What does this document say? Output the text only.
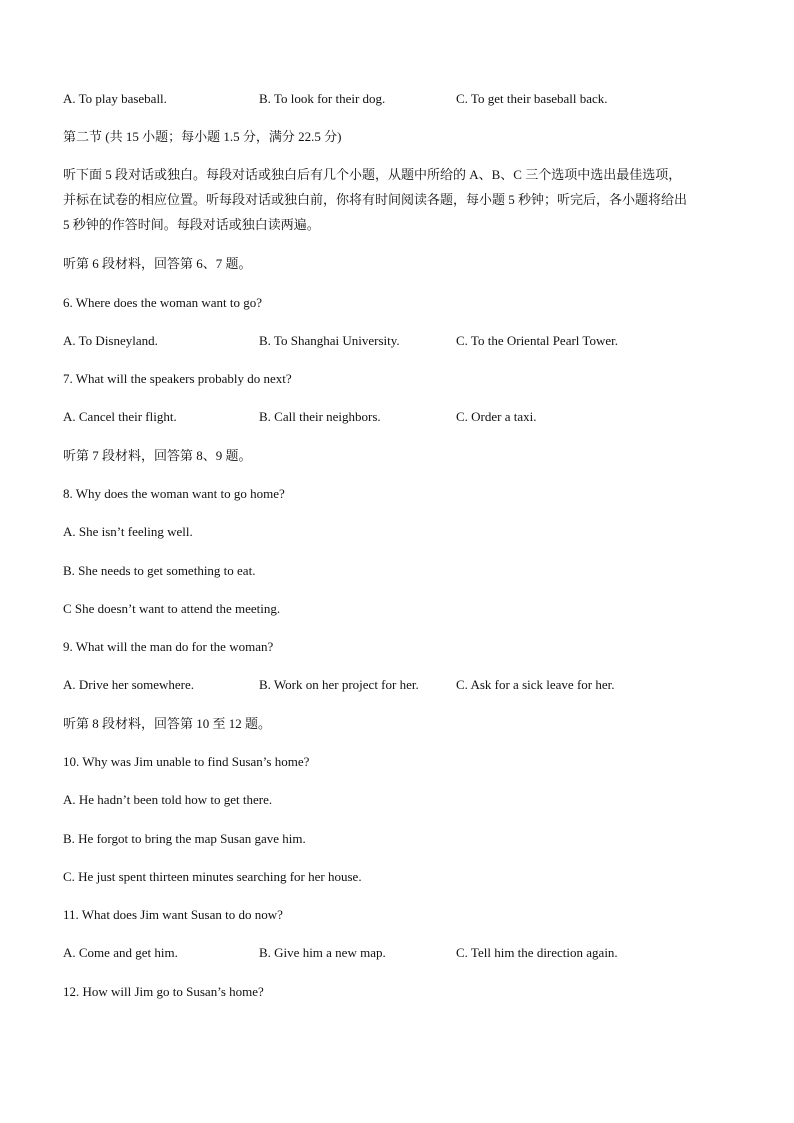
A. To play baseball.	B. To look for their dog.	C. To get their baseball back.
第二节 (共 15 小题；每小题 1.5 分，满分 22.5 分)
听下面 5 段对话或独白。每段对话或独白后有几个小题，从题中所给的 A、B、C 三个选项中选出最佳选项，
并标在试卷的相应位置。听每段对话或独白前，你将有时间阅读各题，每小题 5 秒钟；听完后，各小题将给出
5 秒钟的作答时间。每段对话或独白读两遍。
听第 6 段材料，回答第 6、7 题。
6. Where does the woman want to go?
A. To Disneyland.	B. To Shanghai University.	C. To the Oriental Pearl Tower.
7. What will the speakers probably do next?
A. Cancel their flight.	B. Call their neighbors.	C. Order a taxi.
听第 7 段材料，回答第 8、9 题。
8. Why does the woman want to go home?
A. She isn’t feeling well.
B. She needs to get something to eat.
C She doesn’t want to attend the meeting.
9. What will the man do for the woman?
A. Drive her somewhere.	B. Work on her project for her.	C. Ask for a sick leave for her.
听第 8 段材料，回答第 10 至 12 题。
10. Why was Jim unable to find Susan’s home?
A. He hadn’t been told how to get there.
B. He forgot to bring the map Susan gave him.
C. He just spent thirteen minutes searching for her house.
11. What does Jim want Susan to do now?
A. Come and get him.	B. Give him a new map.	C. Tell him the direction again.
12. How will Jim go to Susan’s home?
